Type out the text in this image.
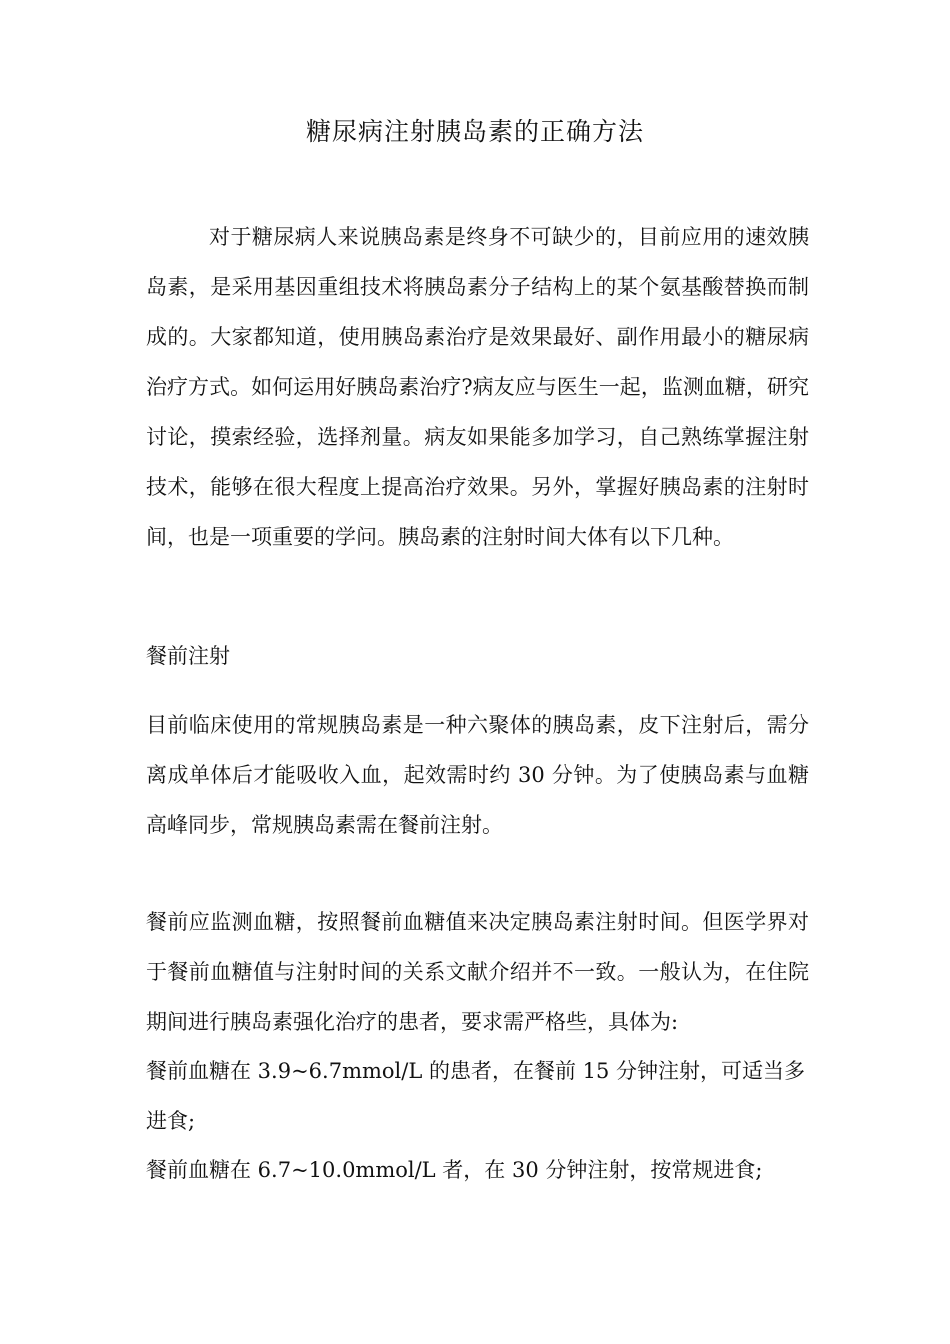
糖尿病注射胰岛素的正确方法

对于糖尿病人来说胰岛素是终身不可缺少的，目前应用的速效胰岛素，是采用基因重组技术将胰岛素分子结构上的某个氨基酸替换而制成的。大家都知道，使用胰岛素治疗是效果最好、副作用最小的糖尿病治疗方式。如何运用好胰岛素治疗?病友应与医生一起，监测血糖，研究讨论，摸索经验，选择剂量。病友如果能多加学习，自己熟练掌握注射技术，能够在很大程度上提高治疗效果。另外，掌握好胰岛素的注射时间，也是一项重要的学问。胰岛素的注射时间大体有以下几种。

餐前注射

目前临床使用的常规胰岛素是一种六聚体的胰岛素，皮下注射后，需分离成单体后才能吸收入血，起效需时约 30 分钟。为了使胰岛素与血糖高峰同步，常规胰岛素需在餐前注射。

餐前应监测血糖，按照餐前血糖值来决定胰岛素注射时间。但医学界对于餐前血糖值与注射时间的关系文献介绍并不一致。一般认为，在住院期间进行胰岛素强化治疗的患者，要求需严格些，具体为:

餐前血糖在 3.9~6.7mmol/L 的患者，在餐前 15 分钟注射，可适当多进食;

餐前血糖在 6.7~10.0mmol/L 者，在 30 分钟注射，按常规进食;
